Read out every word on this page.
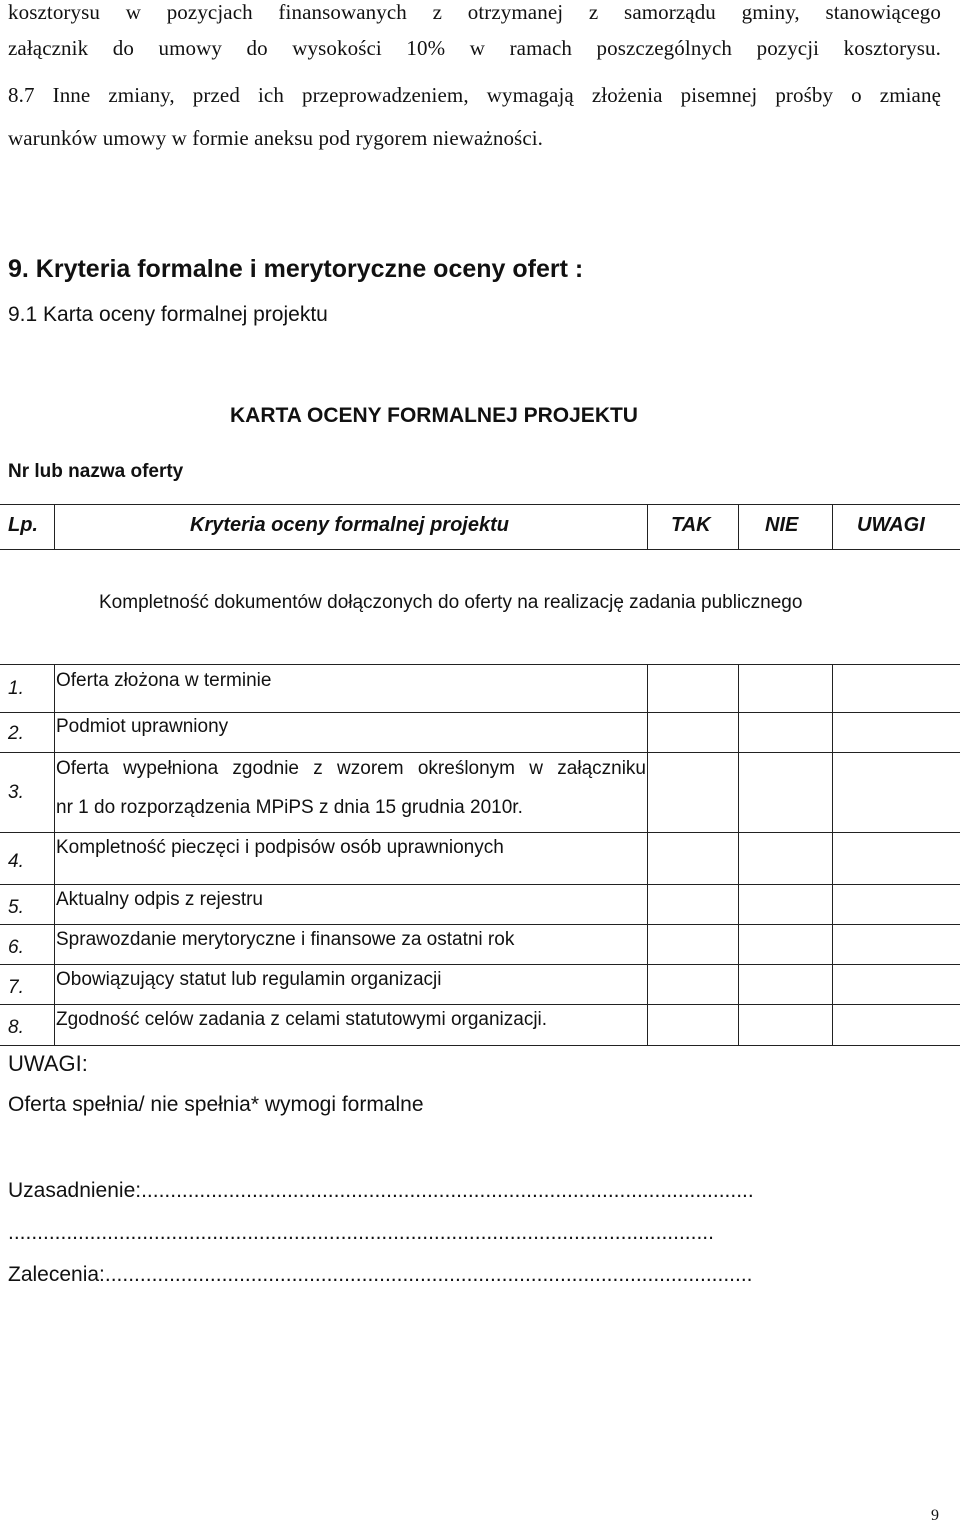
kosztorysu w pozycjach finansowanych z otrzymanej z samorządu gminy, stanowiącego
załącznik do umowy do wysokości 10% w ramach poszczególnych pozycji kosztorysu.
8.7 Inne zmiany, przed ich przeprowadzeniem, wymagają złożenia pisemnej prośby o zmianę
warunków umowy w formie aneksu pod rygorem nieważności.
9. Kryteria formalne i merytoryczne oceny ofert :
9.1 Karta oceny formalnej projektu
KARTA OCENY FORMALNEJ PROJEKTU
Nr lub nazwa oferty
Lp.	Kryteria oceny formalnej projektu	TAK	NIE	UWAGI
Kompletność dokumentów dołączonych do oferty na realizację zadania publicznego
1. Oferta złożona w terminie
2. Podmiot uprawniony
3.
Oferta wypełniona zgodnie z wzorem określonym w załączniku
nr 1 do rozporządzenia MPiPS z dnia 15 grudnia 2010r.
4.
Kompletność pieczęci i podpisów osób uprawnionych
5. Aktualny odpis z rejestru
6. Sprawozdanie merytoryczne i finansowe za ostatni rok
7. Obowiązujący statut lub regulamin organizacji
8. Zgodność celów zadania z celami statutowymi organizacji.
UWAGI:
Oferta spełnia/ nie spełnia* wymogi formalne
Uzasadnienie:.........................................................................................................
.........................................................................................................................
Zalecenia:...............................................................................................................
9
